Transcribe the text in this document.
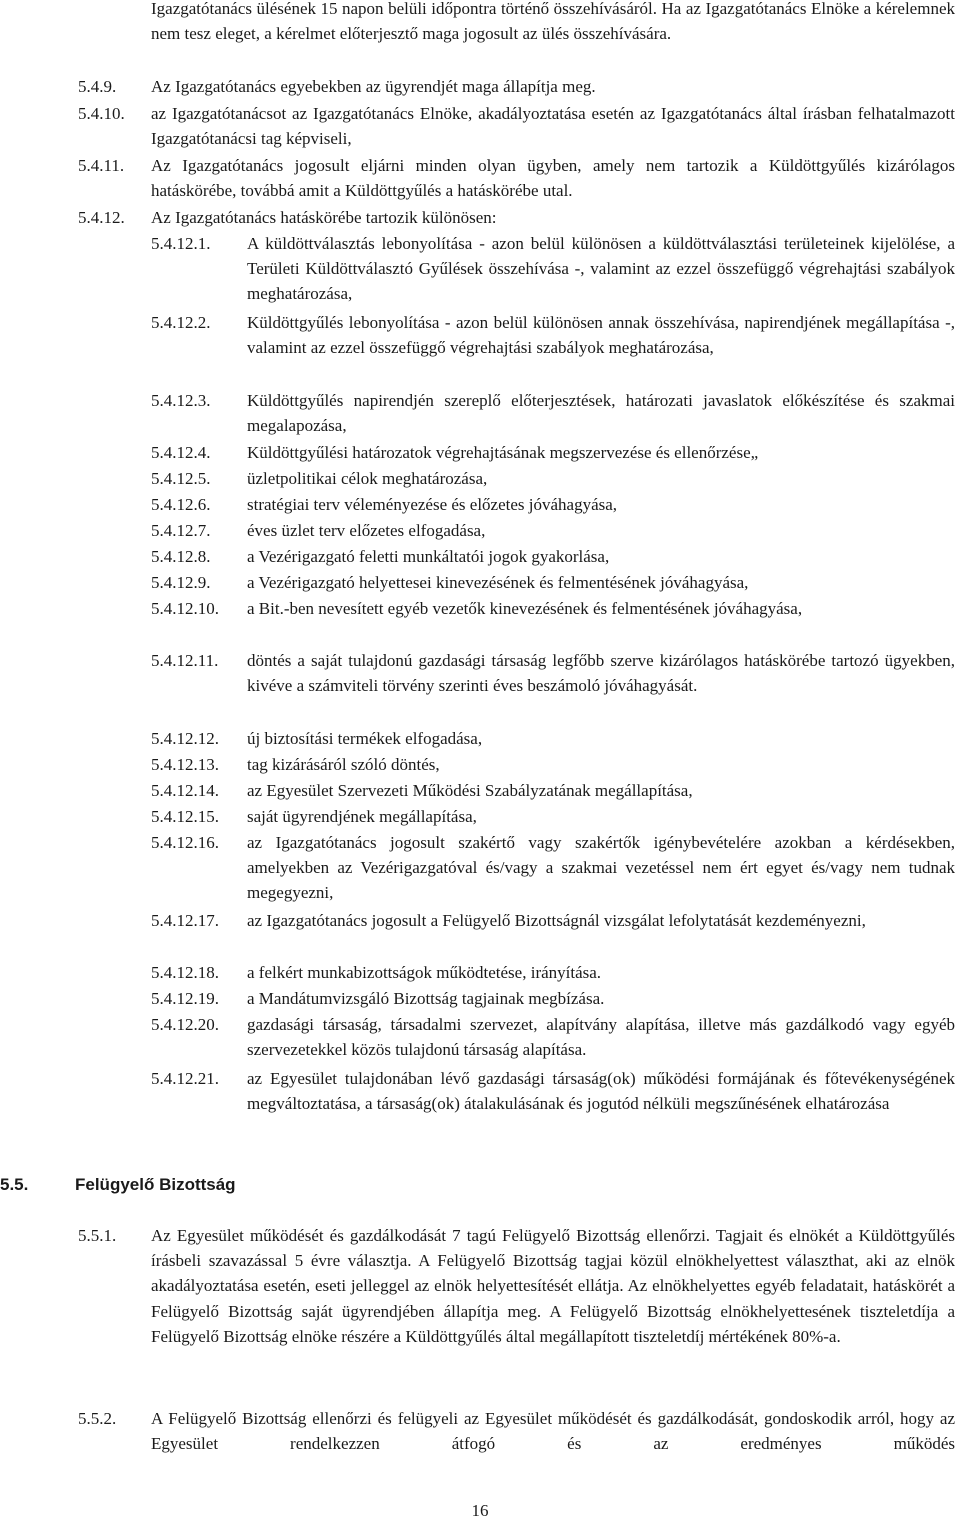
Igazgatótanács ülésének 15 napon belüli időpontra történő összehívásáról. Ha az Igazgatótanács Elnöke a kérelemnek nem tesz eleget, a kérelmet előterjesztő maga jogosult az ülés összehívására.
5.4.9. Az Igazgatótanács egyebekben az ügyrendjét maga állapítja meg.
5.4.10. az Igazgatótanácsot az Igazgatótanács Elnöke, akadályoztatása esetén az Igazgatótanács által írásban felhatalmazott Igazgatótanácsi tag képviseli,
5.4.11. Az Igazgatótanács jogosult eljárni minden olyan ügyben, amely nem tartozik a Küldöttgyűlés kizárólagos hatáskörébe, továbbá amit a Küldöttgyűlés a hatáskörébe utal.
5.4.12. Az Igazgatótanács hatáskörébe tartozik különösen:
5.4.12.1. A küldöttválasztás lebonyolítása - azon belül különösen a küldöttválasztási területeinek kijelölése, a Területi Küldöttválasztó Gyűlések összehívása -, valamint az ezzel összefüggő végrehajtási szabályok meghatározása,
5.4.12.2. Küldöttgyűlés lebonyolítása - azon belül különösen annak összehívása, napirendjének megállapítása -, valamint az ezzel összefüggő végrehajtási szabályok meghatározása,
5.4.12.3. Küldöttgyűlés napirendjén szereplő előterjesztések, határozati javaslatok előkészítése és szakmai megalapozása,
5.4.12.4. Küldöttgyűlési határozatok végrehajtásának megszervezése és ellenőrzése„
5.4.12.5. üzletpolitikai célok meghatározása,
5.4.12.6. stratégiai terv véleményezése és előzetes jóváhagyása,
5.4.12.7. éves üzlet terv előzetes elfogadása,
5.4.12.8. a Vezérigazgató feletti munkáltatói jogok gyakorlása,
5.4.12.9. a Vezérigazgató helyettesei kinevezésének és felmentésének jóváhagyása,
5.4.12.10. a Bit.-ben nevesített egyéb vezetők kinevezésének és felmentésének jóváhagyása,
5.4.12.11. döntés a saját tulajdonú gazdasági társaság legfőbb szerve kizárólagos hatáskörébe tartozó ügyekben, kivéve a számviteli törvény szerinti éves beszámoló jóváhagyását.
5.4.12.12. új biztosítási termékek elfogadása,
5.4.12.13. tag kizárásáról szóló döntés,
5.4.12.14. az Egyesület Szervezeti Működési Szabályzatának megállapítása,
5.4.12.15. saját ügyrendjének megállapítása,
5.4.12.16. az Igazgatótanács jogosult szakértő vagy szakértők igénybevételére azokban a kérdésekben, amelyekben az Vezérigazgatóval és/vagy a szakmai vezetéssel nem ért egyet és/vagy nem tudnak megegyezni,
5.4.12.17. az Igazgatótanács jogosult a Felügyelő Bizottságnál vizsgálat lefolytatását kezdeményezni,
5.4.12.18. a felkért munkabizottságok működtetése, irányítása.
5.4.12.19. a Mandátumvizsgáló Bizottság tagjainak megbízása.
5.4.12.20. gazdasági társaság, társadalmi szervezet, alapítvány alapítása, illetve más gazdálkodó vagy egyéb szervezetekkel közös tulajdonú társaság alapítása.
5.4.12.21. az Egyesület tulajdonában lévő gazdasági társaság(ok) működési formájának és főtevékenységének megváltoztatása, a társaság(ok) átalakulásának és jogutód nélküli megszűnésének elhatározása
5.5.	Felügyelő Bizottság
5.5.1. Az Egyesület működését és gazdálkodását 7 tagú Felügyelő Bizottság ellenőrzi. Tagjait és elnökét a Küldöttgyűlés írásbeli szavazással 5 évre választja. A Felügyelő Bizottság tagjai közül elnökhelyettest választhat, aki az elnök akadályoztatása esetén, eseti jelleggel az elnök helyettesítését ellátja. Az elnökhelyettes egyéb feladatait, hatáskörét a Felügyelő Bizottság saját ügyrendjében állapítja meg. A Felügyelő Bizottság elnökhelyettesének tiszteletdíja a Felügyelő Bizottság elnöke részére a Küldöttgyűlés által megállapított tiszteletdíj mértékének 80%-a.
5.5.2. A Felügyelő Bizottság ellenőrzi és felügyeli az Egyesület működését és gazdálkodását, gondoskodik arról, hogy az Egyesület rendelkezzen átfogó és az eredményes működés
16
